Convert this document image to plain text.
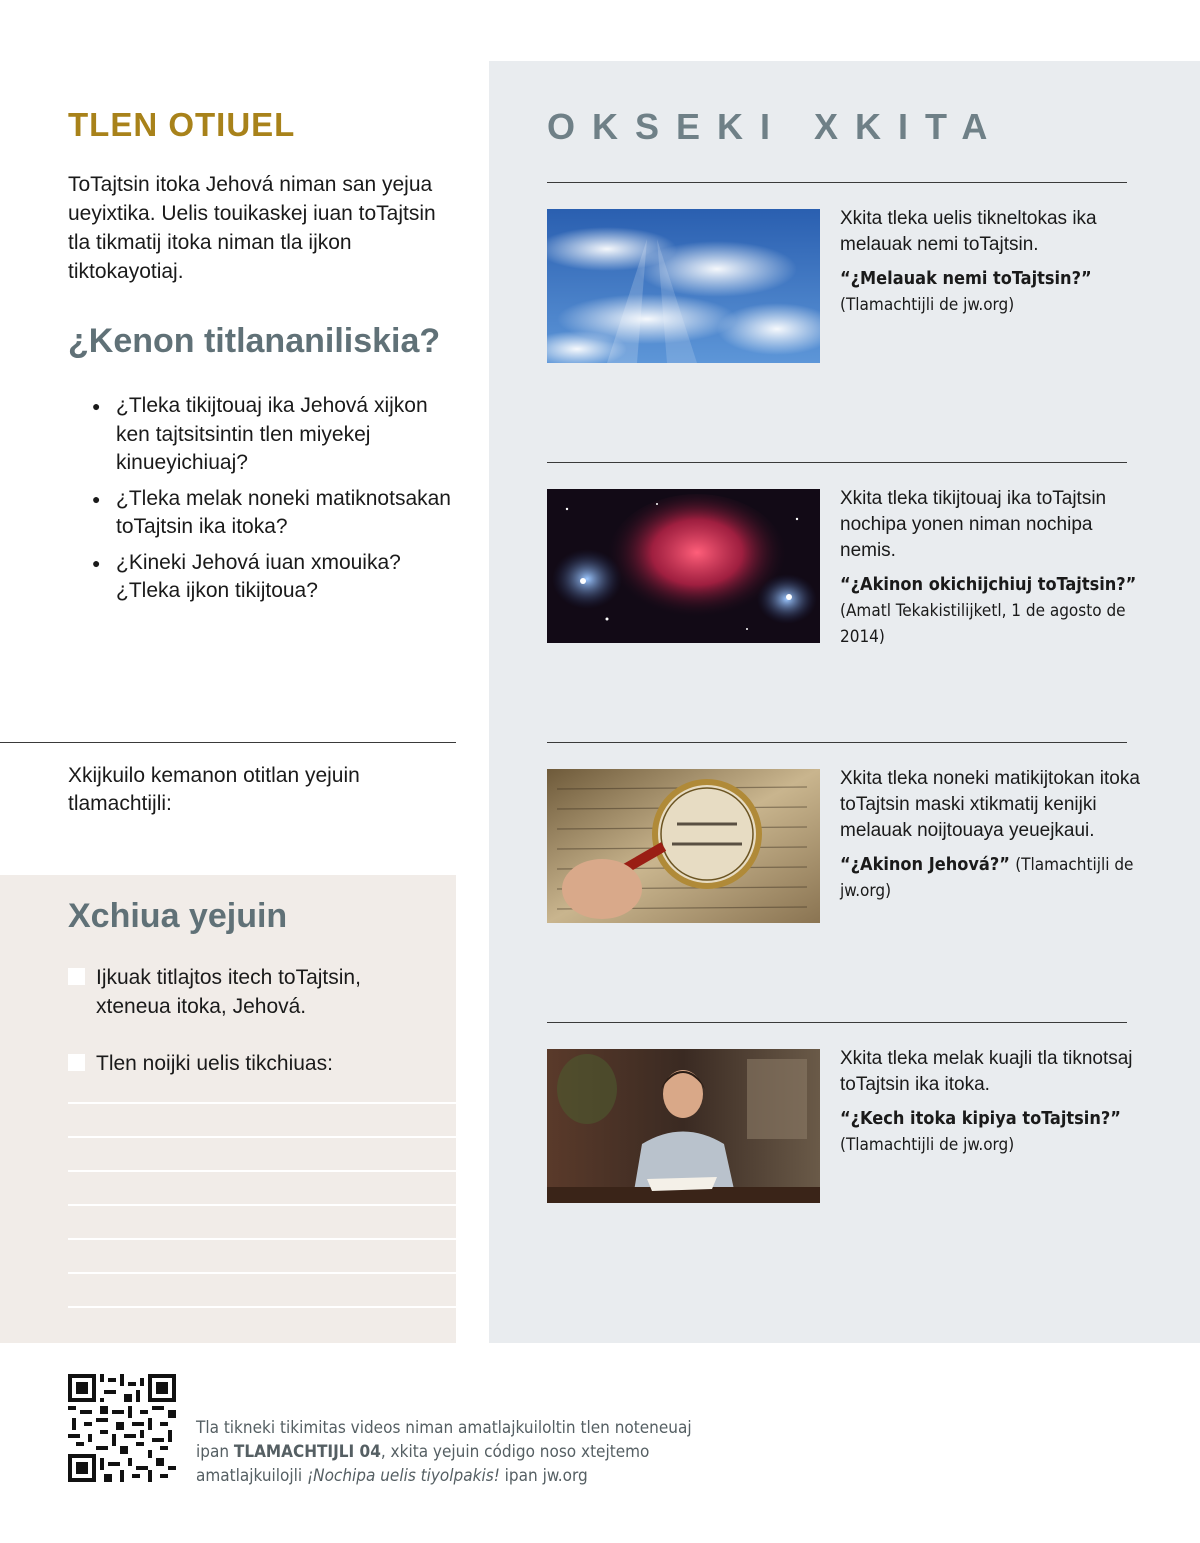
TLEN OTIUEL

ToTajtsin itoka Jehová niman san yejua ueyixtika. Uelis touikaskej iuan toTajtsin tla tikmatij itoka niman tla ijkon tiktokayotiaj.

¿Kenon titlananiliskia?
● ¿Tleka tikijtouaj ika Jehová xijkon ken tajtsitsintin tlen miyekej kinueyichiuaj?
● ¿Tleka melak noneki matiknotsakan toTajtsin ika itoka?
● ¿Kineki Jehová iuan xmouika? ¿Tleka ijkon tikijtoua?

Xkijkuilo kemanon otitlan yejuin tlamachtijli:

Xchiua yejuin
Ijkuak titlajtos itech toTajtsin, xteneua itoka, Jehová.
Tlen noijki uelis tikchiuas:
OKSEKI XKITA
Xkita tleka uelis tikneltokas ika melauak nemi toTajtsin.
“¿Melauak nemi toTajtsin?” (Tlamachtijli de jw.org)
Xkita tleka tikijtouaj ika toTajtsin nochipa yonen niman nochipa nemis.
“¿Akinon okichijchiuj toTajtsin?” (Amatl Tekakistilijketl, 1 de agosto de 2014)
Xkita tleka noneki matikijtokan itoka toTajtsin maski xtikmatij kenijki melauak noijtouaya yeuejkaui.
“¿Akinon Jehová?” (Tlamachtijli de jw.org)
Xkita tleka melak kuajli tla tiknotsaj toTajtsin ika itoka.
“¿Kech itoka kipiya toTajtsin?” (Tlamachtijli de jw.org)

Tla tikneki tikimitas videos niman amatlajkuiloltin tlen noteneuaj ipan TLAMACHTIJLI 04, xkita yejuin código noso xtejtemo amatlajkuilojli ¡Nochipa uelis tiyolpakis! ipan jw.org
